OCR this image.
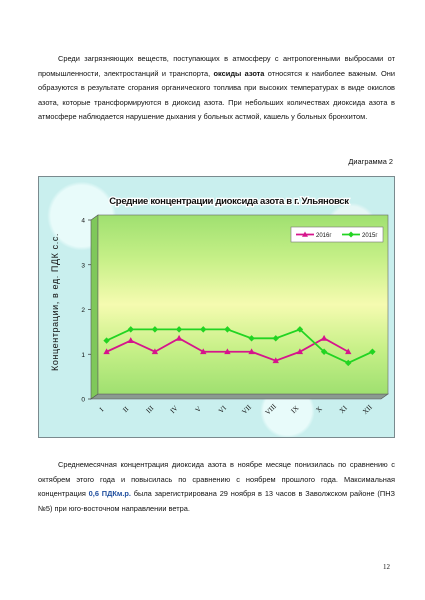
Среди загрязняющих веществ, поступающих в атмосферу с антропогенными выбросами от промышленности, электростанций и транспорта, оксиды азота относятся к наиболее важным. Они образуются в результате сгорания органического топлива при высоких температурах в виде окислов азота, которые трансформируются в диоксид азота. При небольших количествах диоксида азота в атмосфере наблюдается нарушение дыхания у больных астмой, кашель у больных бронхитом.

Диаграмма 2
Средние концентрации диоксида азота в г. Ульяновск
Концентрации, в ед. ПДК с.с.
0
1
2
3
4
I II III IV V VI VII VIII IX X XI XII
2016г	2015г

Среднемесячная концентрация диоксида азота в ноябре месяце понизилась по сравнению с октябрем этого года и повысилась по сравнению с ноябрем прошлого года. Максимальная концентрация 0,6 ПДКм.р. была зарегистрирована 29 ноября в 13 часов в Заволжском районе (ПНЗ №5) при юго-восточном направлении ветра.

12
